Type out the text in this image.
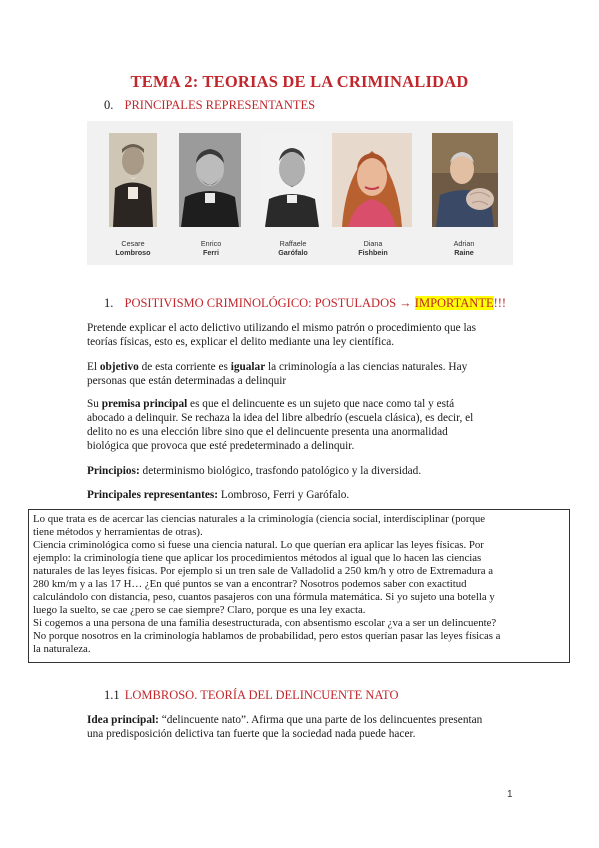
TEMA 2: TEORIAS DE LA CRIMINALIDAD
0. PRINCIPALES REPRESENTANTES
Cesare
Lombroso
Enrico
Ferri
Raffaele
Garófalo
Diana
Fishbein
Adrian
Raine
1. POSITIVISMO CRIMINOLÓGICO: POSTULADOS → IMPORTANTE!!!
Pretende explicar el acto delictivo utilizando el mismo patrón o procedimiento que las
teorías físicas, esto es, explicar el delito mediante una ley científica.
El objetivo de esta corriente es igualar la criminología a las ciencias naturales. Hay
personas que están determinadas a delinquir
Su premisa principal es que el delincuente es un sujeto que nace como tal y está
abocado a delinquir. Se rechaza la idea del libre albedrío (escuela clásica), es decir, el
delito no es una elección libre sino que el delincuente presenta una anormalidad
biológica que provoca que esté predeterminado a delinquir.
Principios: determinismo biológico, trasfondo patológico y la diversidad.
Principales representantes: Lombroso, Ferri y Garófalo.
Lo que trata es de acercar las ciencias naturales a la criminología (ciencia social, interdisciplinar (porque
tiene métodos y herramientas de otras).
Ciencia criminológica como si fuese una ciencia natural. Lo que querían era aplicar las leyes físicas. Por
ejemplo: la criminología tiene que aplicar los procedimientos métodos al igual que lo hacen las ciencias
naturales de las leyes físicas. Por ejemplo si un tren sale de Valladolid a 250 km/h y otro de Extremadura a
280 km/m y a las 17 H… ¿En qué puntos se van a encontrar? Nosotros podemos saber con exactitud
calculándolo con distancia, peso, cuantos pasajeros con una fórmula matemática. Si yo sujeto una botella y
luego la suelto, se cae ¿pero se cae siempre? Claro, porque es una ley exacta.
Si cogemos a una persona de una familia desestructurada, con absentismo escolar ¿va a ser un delincuente?
No porque nosotros en la criminología hablamos de probabilidad, pero estos querían pasar las leyes físicas a
la naturaleza.
1.1 LOMBROSO. TEORÍA DEL DELINCUENTE NATO
Idea principal: “delincuente nato”. Afirma que una parte de los delincuentes presentan
una predisposición delictiva tan fuerte que la sociedad nada puede hacer.
1
